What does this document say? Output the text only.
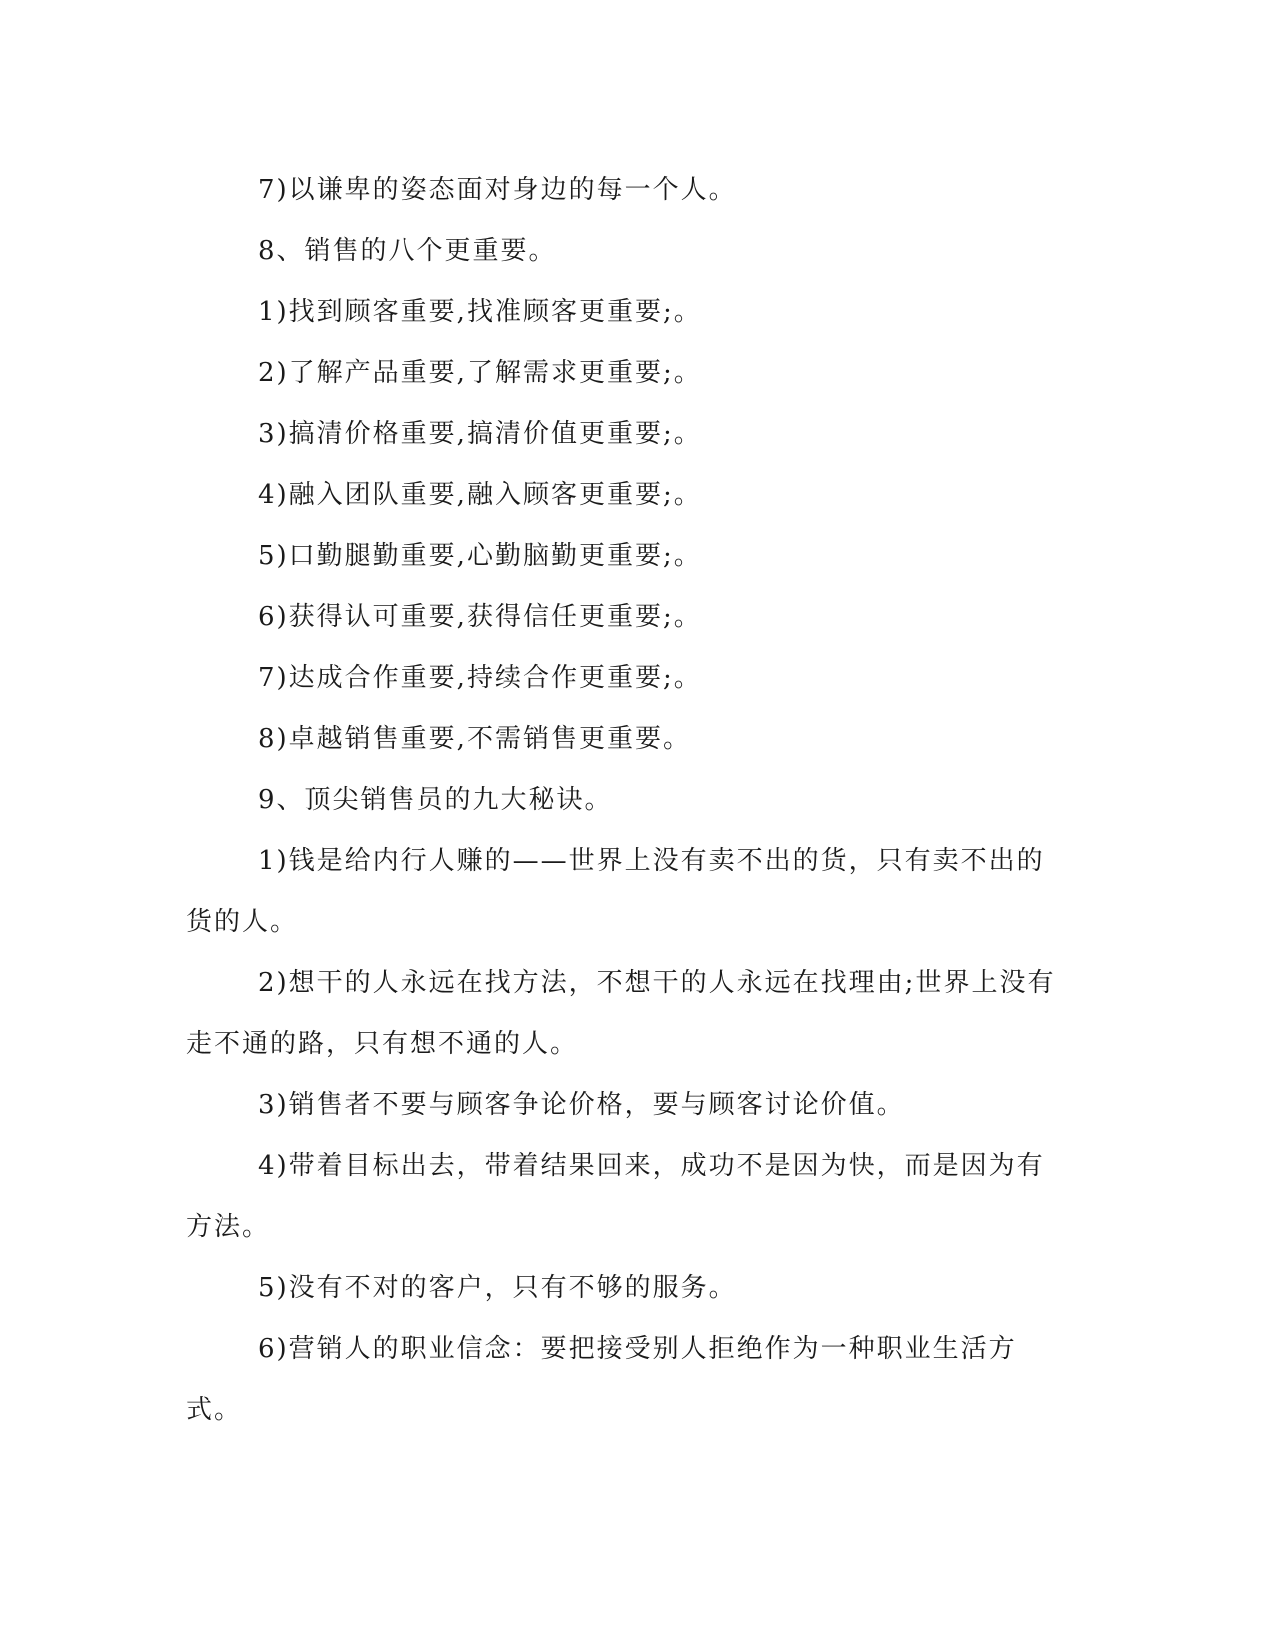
7)以谦卑的姿态面对身边的每一个人。

8、销售的八个更重要。

1)找到顾客重要,找准顾客更重要;。

2)了解产品重要,了解需求更重要;。

3)搞清价格重要,搞清价值更重要;。

4)融入团队重要,融入顾客更重要;。

5)口勤腿勤重要,心勤脑勤更重要;。

6)获得认可重要,获得信任更重要;。

7)达成合作重要,持续合作更重要;。

8)卓越销售重要,不需销售更重要。

9、顶尖销售员的九大秘诀。

1)钱是给内行人赚的——世界上没有卖不出的货，只有卖不出的货的人。

2)想干的人永远在找方法，不想干的人永远在找理由;世界上没有走不通的路，只有想不通的人。

3)销售者不要与顾客争论价格，要与顾客讨论价值。

4)带着目标出去，带着结果回来，成功不是因为快，而是因为有方法。

5)没有不对的客户，只有不够的服务。

6)营销人的职业信念：要把接受别人拒绝作为一种职业生活方式。
